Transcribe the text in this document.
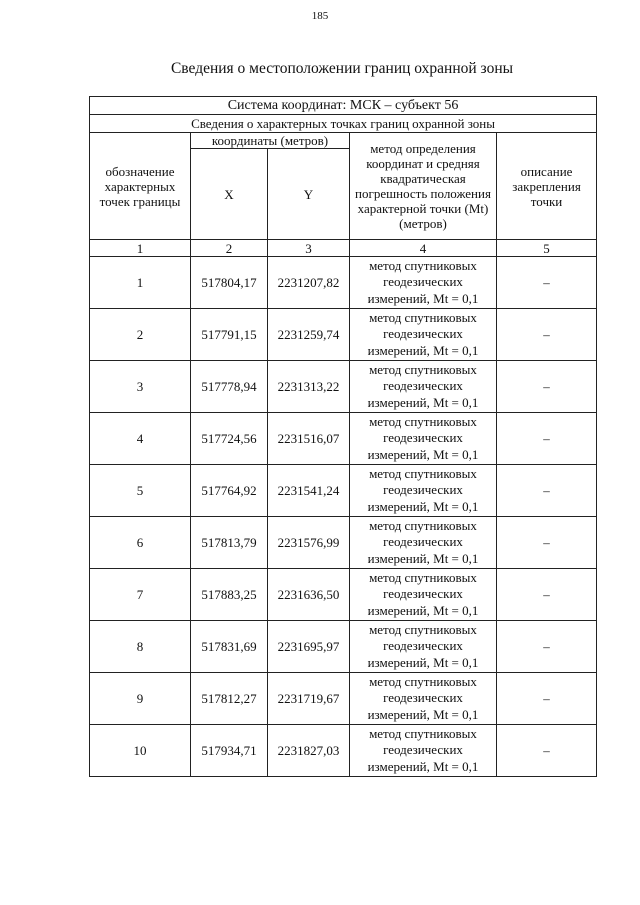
185
Сведения о местоположении границ охранной зоны
Система координат: МСК – субъект 56				
Сведения о характерных точках границ охранной зоны				
обозначение характерных точек границы	координаты (метров)		метод определения координат и средняя квадратическая погрешность положения характерной точки (Mt) (метров)	описание закрепления точки
	X	Y		
1	2	3	4	5
1	517804,17	2231207,82	метод спутниковых геодезических измерений, Mt = 0,1	–
2	517791,15	2231259,74	метод спутниковых геодезических измерений, Mt = 0,1	–
3	517778,94	2231313,22	метод спутниковых геодезических измерений, Mt = 0,1	–
4	517724,56	2231516,07	метод спутниковых геодезических измерений, Mt = 0,1	–
5	517764,92	2231541,24	метод спутниковых геодезических измерений, Mt = 0,1	–
6	517813,79	2231576,99	метод спутниковых геодезических измерений, Mt = 0,1	–
7	517883,25	2231636,50	метод спутниковых геодезических измерений, Mt = 0,1	–
8	517831,69	2231695,97	метод спутниковых геодезических измерений, Mt = 0,1	–
9	517812,27	2231719,67	метод спутниковых геодезических измерений, Mt = 0,1	–
10	517934,71	2231827,03	метод спутниковых геодезических измерений, Mt = 0,1	–
